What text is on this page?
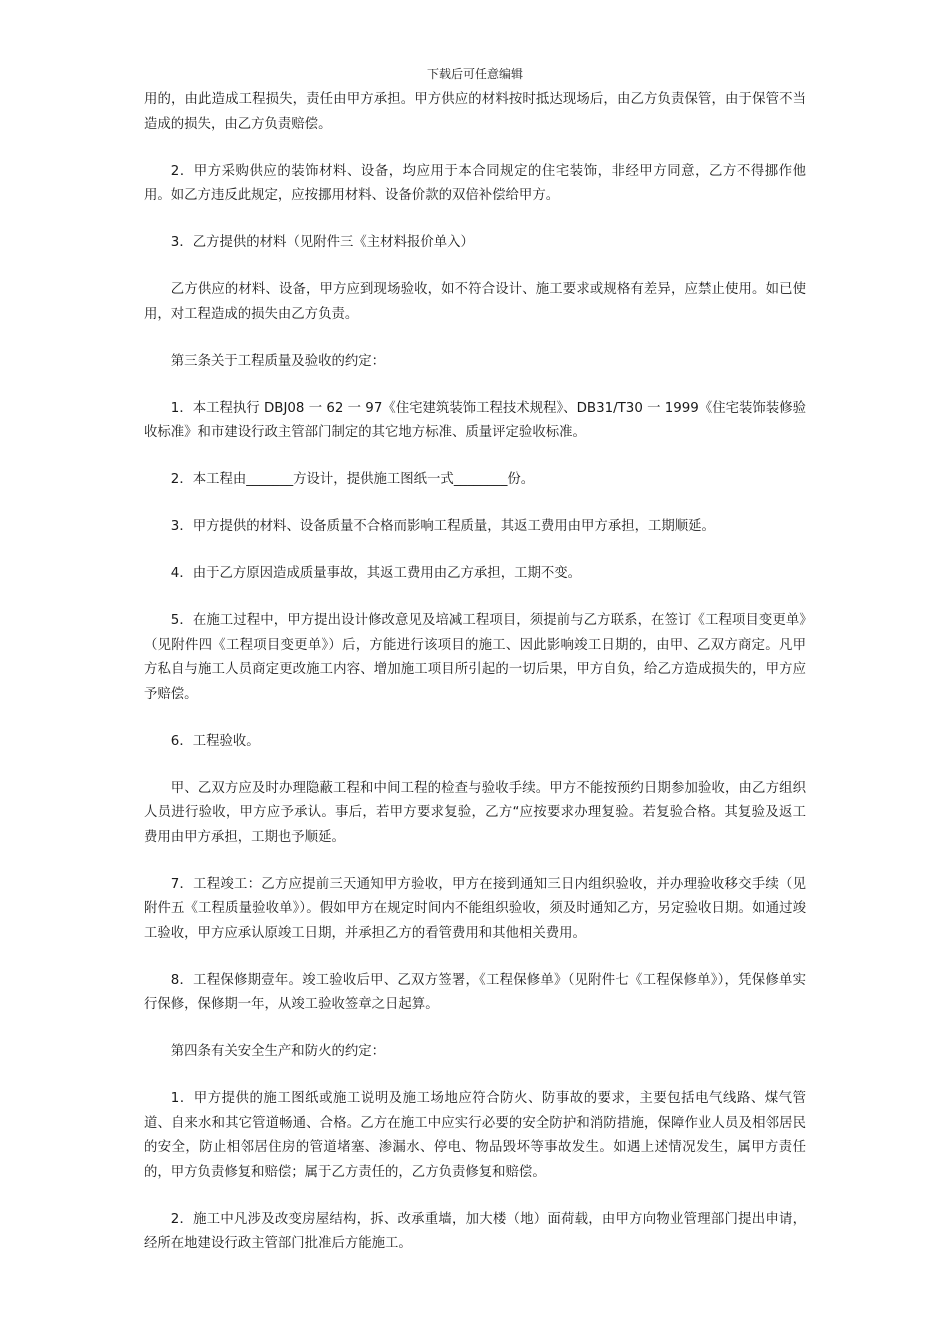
下载后可任意编辑

用的，由此造成工程损失，责任由甲方承担。甲方供应的材料按时抵达现场后，由乙方负责保管，由于保管不当造成的损失，由乙方负责赔偿。

2．甲方采购供应的装饰材料、设备，均应用于本合同规定的住宅装饰，非经甲方同意，乙方不得挪作他用。如乙方违反此规定，应按挪用材料、设备价款的双倍补偿给甲方。

3．乙方提供的材料（见附件三《主材料报价单入）

乙方供应的材料、设备，甲方应到现场验收，如不符合设计、施工要求或规格有差异，应禁止使用。如已使用，对工程造成的损失由乙方负责。

第三条关于工程质量及验收的约定：

1．本工程执行 DBJ08 一 62 一 97《住宅建筑装饰工程技术规程》、DB31/T30 一 1999《住宅装饰装修验收标准》和市建设行政主管部门制定的其它地方标准、质量评定验收标准。

2．本工程由_______方设计，提供施工图纸一式________份。

3．甲方提供的材料、设备质量不合格而影响工程质量，其返工费用由甲方承担，工期顺延。

4．由于乙方原因造成质量事故，其返工费用由乙方承担，工期不变。

5．在施工过程中，甲方提出设计修改意见及培减工程项目，须提前与乙方联系，在签订《工程项目变更单》（见附件四《工程项目变更单》）后，方能进行该项目的施工、因此影响竣工日期的，由甲、乙双方商定。凡甲方私自与施工人员商定更改施工内容、增加施工项目所引起的一切后果，甲方自负，给乙方造成损失的，甲方应予赔偿。

6．工程验收。

甲、乙双方应及时办理隐蔽工程和中间工程的检查与验收手续。甲方不能按预约日期参加验收，由乙方组织人员进行验收，甲方应予承认。事后，若甲方要求复验，乙方“应按要求办理复验。若复验合格。其复验及返工费用由甲方承担，工期也予顺延。

7．工程竣工：乙方应提前三天通知甲方验收，甲方在接到通知三日内组织验收，并办理验收移交手续（见附件五《工程质量验收单》）。假如甲方在规定时间内不能组织验收，须及时通知乙方，另定验收日期。如通过竣工验收，甲方应承认原竣工日期，并承担乙方的看管费用和其他相关费用。

8．工程保修期壹年。竣工验收后甲、乙双方签署，《工程保修单》（见附件七《工程保修单》），凭保修单实行保修，保修期一年，从竣工验收签章之日起算。

第四条有关安全生产和防火的约定：

1．甲方提供的施工图纸或施工说明及施工场地应符合防火、防事故的要求，主要包括电气线路、煤气管道、自来水和其它管道畅通、合格。乙方在施工中应实行必要的安全防护和消防措施，保障作业人员及相邻居民的安全，防止相邻居住房的管道堵塞、渗漏水、停电、物品毁坏等事故发生。如遇上述情况发生，属甲方责任的，甲方负责修复和赔偿；属于乙方责任的，乙方负责修复和赔偿。

2．施工中凡涉及改变房屋结构，拆、改承重墙，加大楼（地）面荷载，由甲方向物业管理部门提出申请，经所在地建设行政主管部门批准后方能施工。
